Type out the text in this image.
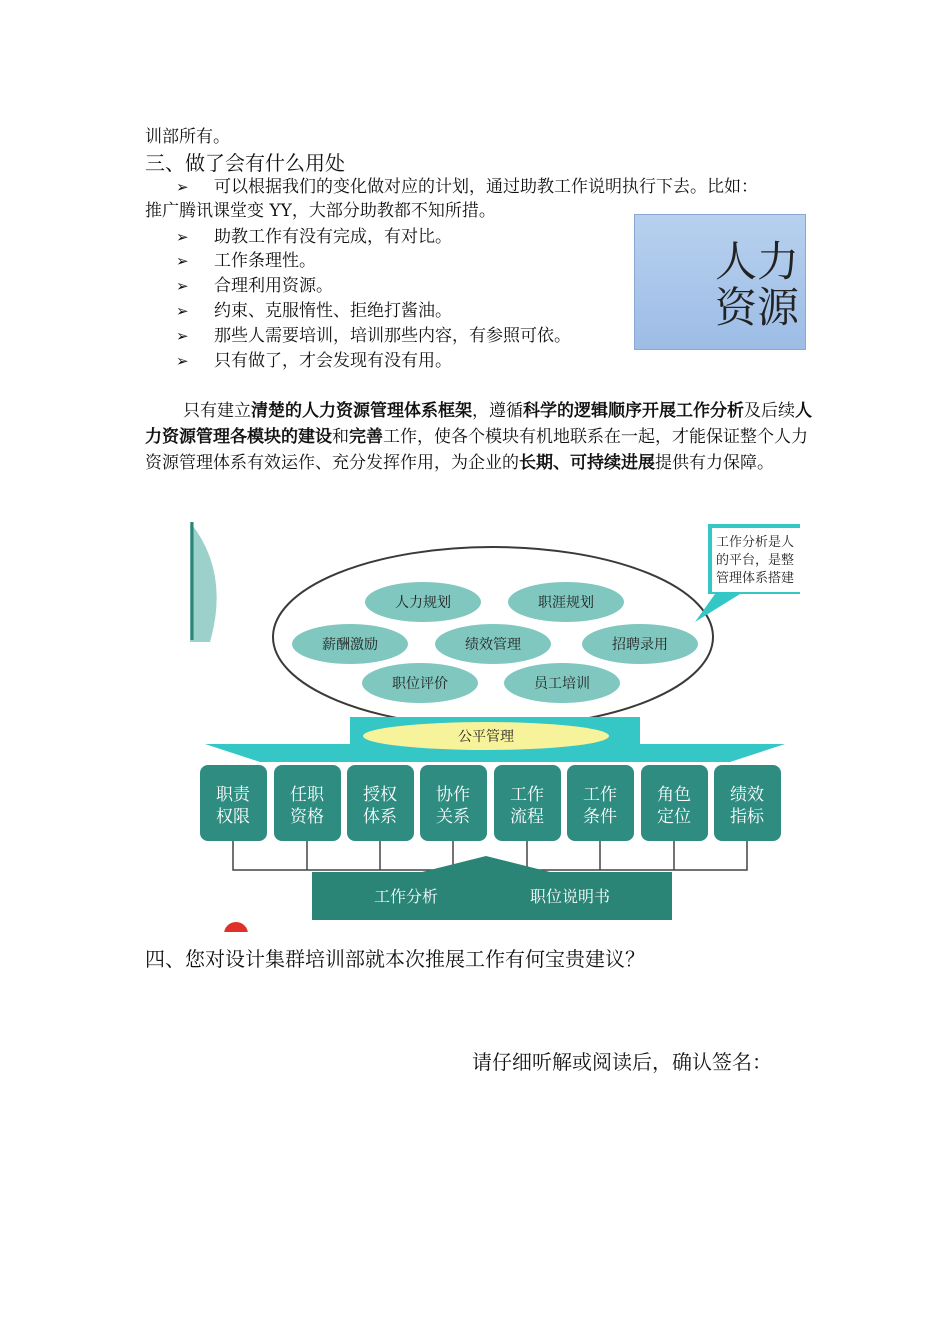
训部所有。
三、做了会有什么用处
➢ 可以根据我们的变化做对应的计划，通过助教工作说明执行下去。比如：
推广腾讯课堂变 YY，大部分助教都不知所措。
➢ 助教工作有没有完成，有对比。
➢ 工作条理性。
➢ 合理利用资源。
➢ 约束、克服惰性、拒绝打酱油。
➢ 那些人需要培训，培训那些内容，有参照可依。
➢ 只有做了，才会发现有没有用。
人力资源
只有建立清楚的人力资源管理体系框架，遵循科学的逻辑顺序开展工作分析及后续人力资源管理各模块的建设和完善工作，使各个模块有机地联系在一起，才能保证整个人力资源管理体系有效运作、充分发挥作用，为企业的长期、可持续进展提供有力保障。
人力规划	职涯规划
薪酬激励	绩效管理	招聘录用
职位评价	员工培训
工作分析是人
的平台，是整
管理体系搭建
公平管理
职责
权限
任职
资格
授权
体系
协作
关系
工作
流程
工作
条件
角色
定位
绩效
指标
工作分析	职位说明书
四、您对设计集群培训部就本次推展工作有何宝贵建议？
请仔细听解或阅读后，确认签名：
